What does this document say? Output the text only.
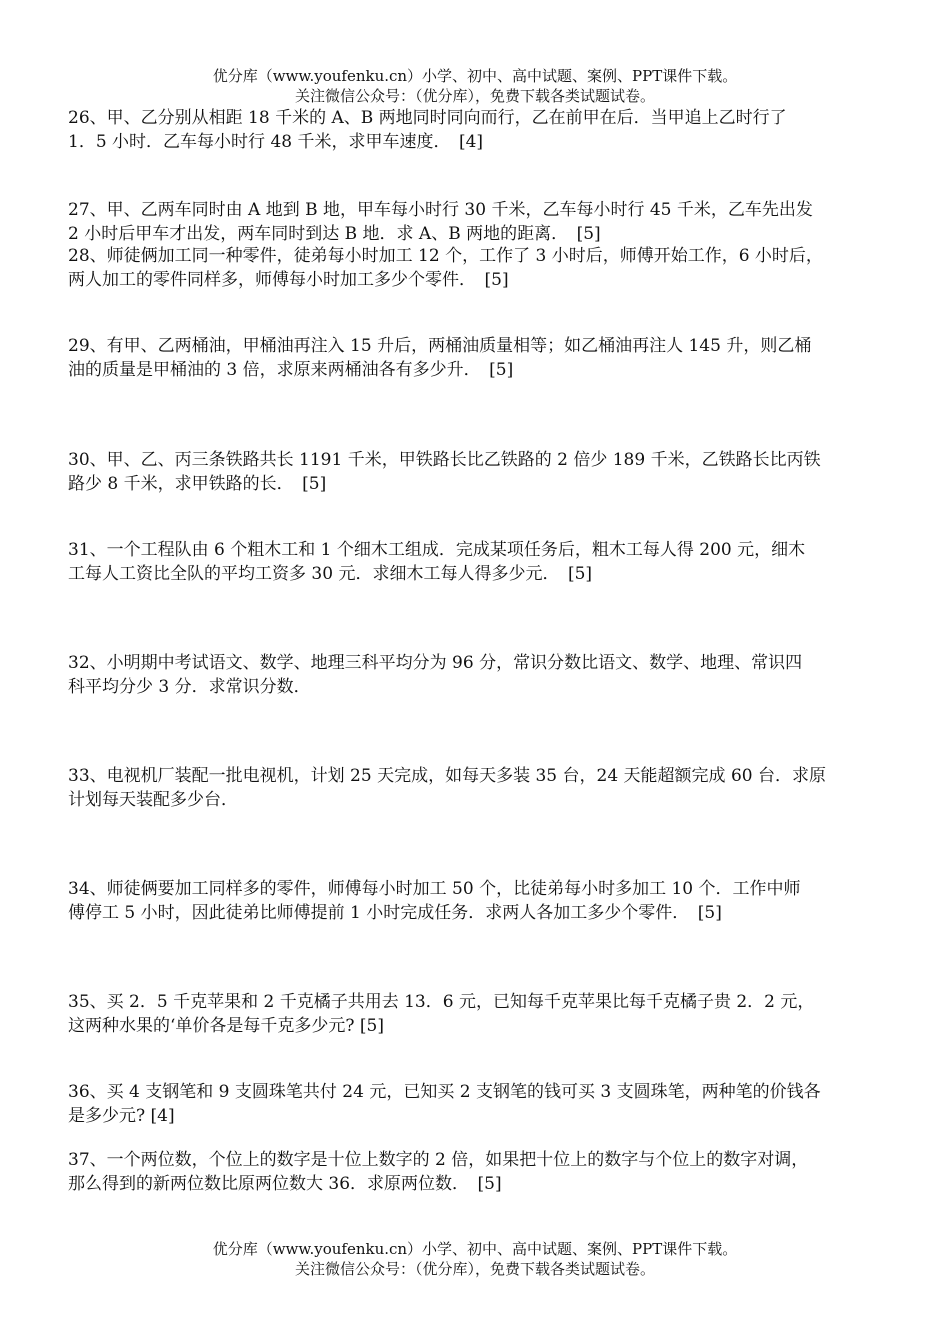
优分库（www.youfenku.cn）小学、初中、高中试题、案例、PPT课件下载。
关注微信公众号：（优分库），免费下载各类试题试卷。
26、甲、乙分别从相距 18 千米的 A、B 两地同时同向而行，乙在前甲在后．当甲追上乙时行了
1．5 小时．乙车每小时行 48 千米，求甲车速度．　[4]
27、甲、乙两车同时由 A 地到 B 地，甲车每小时行 30 千米，乙车每小时行 45 千米，乙车先出发
2 小时后甲车才出发，两车同时到达 B 地．求 A、B 两地的距离．　[5]
28、师徒俩加工同一种零件，徒弟每小时加工 12 个，工作了 3 小时后，师傅开始工作，6 小时后，
两人加工的零件同样多，师傅每小时加工多少个零件．　[5]
29、有甲、乙两桶油，甲桶油再注入 15 升后，两桶油质量相等；如乙桶油再注人 145 升，则乙桶
油的质量是甲桶油的 3 倍，求原来两桶油各有多少升．　[5]
30、甲、乙、丙三条铁路共长 1191 千米，甲铁路长比乙铁路的 2 倍少 189 千米，乙铁路长比丙铁
路少 8 千米，求甲铁路的长．　[5]
31、一个工程队由 6 个粗木工和 1 个细木工组成．完成某项任务后，粗木工每人得 200 元，细木
工每人工资比全队的平均工资多 30 元．求细木工每人得多少元．　[5]
32、小明期中考试语文、数学、地理三科平均分为 96 分，常识分数比语文、数学、地理、常识四
科平均分少 3 分．求常识分数．
33、电视机厂装配一批电视机，计划 25 天完成，如每天多装 35 台，24 天能超额完成 60 台．求原
计划每天装配多少台．
34、师徒俩要加工同样多的零件，师傅每小时加工 50 个，比徒弟每小时多加工 10 个．工作中师
傅停工 5 小时，因此徒弟比师傅提前 1 小时完成任务．求两人各加工多少个零件．　[5]
35、买 2．5 千克苹果和 2 千克橘子共用去 13．6 元，已知每千克苹果比每千克橘子贵 2．2 元，
这两种水果的‘单价各是每千克多少元? [5]
36、买 4 支钢笔和 9 支圆珠笔共付 24 元，已知买 2 支钢笔的钱可买 3 支圆珠笔，两种笔的价钱各
是多少元? [4]
37、一个两位数，个位上的数字是十位上数字的 2 倍，如果把十位上的数字与个位上的数字对调，
那么得到的新两位数比原两位数大 36．求原两位数．　[5]
优分库（www.youfenku.cn）小学、初中、高中试题、案例、PPT课件下载。
关注微信公众号：（优分库），免费下载各类试题试卷。
